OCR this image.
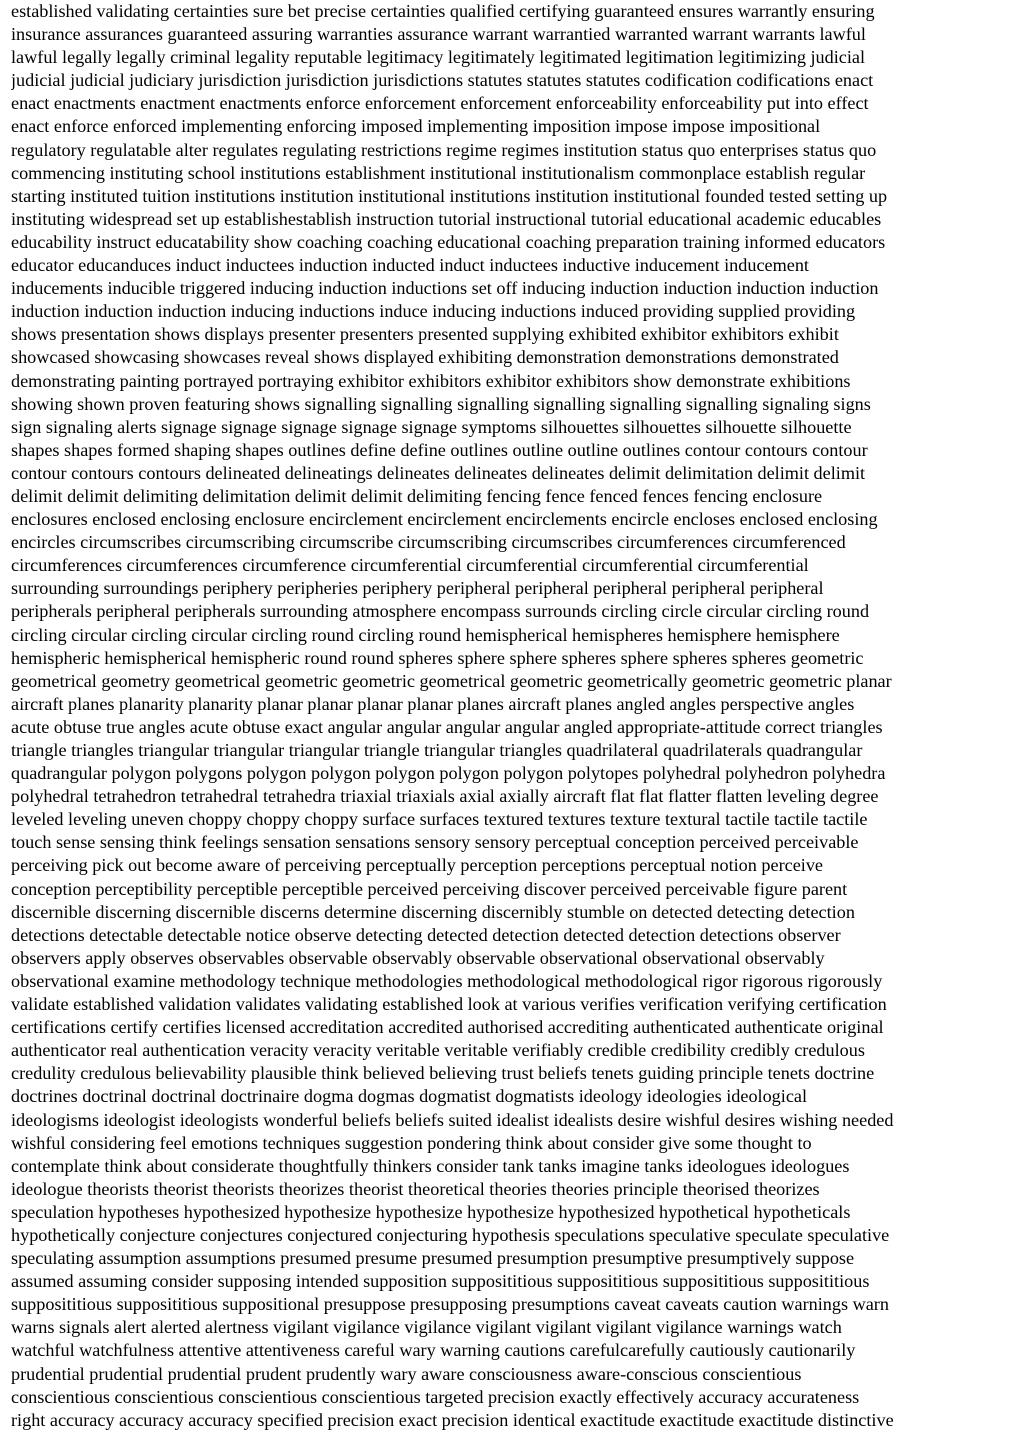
established validating certainties sure bet precise certainties qualified certifying guaranteed ensures warrantly ensuring
insurance assurances guaranteed assuring warranties assurance warrant warrantied warranted warrant warrants lawful
lawful legally legally criminal legality reputable legitimacy legitimately legitimated legitimation legitimizing judicial
judicial judicial judiciary jurisdiction jurisdiction jurisdictions statutes statutes statutes codification codifications enact
enact enactments enactment enactments enforce enforcement enforcement enforceability enforceability put into effect
enact enforce enforced implementing enforcing imposed implementing imposition impose impose impositional
regulatory regulatable alter regulates regulating restrictions regime regimes institution status quo enterprises status quo
commencing instituting school institutions establishment institutional institutionalism commonplace establish regular
starting instituted tuition institutions institution institutional institutions institution institutional founded tested setting up
instituting widespread set up establishestablish instruction tutorial instructional tutorial educational academic educables
educability instruct educatability show coaching coaching educational coaching preparation training informed educators
educator educanduces induct inductees induction inducted induct inductees inductive inducement inducement
inducements inducible triggered inducing induction inductions set off inducing induction induction induction induction
induction induction induction inducing inductions induce inducing inductions induced providing supplied providing
shows presentation shows displays presenter presenters presented supplying exhibited exhibitor exhibitors exhibit
showcased showcasing showcases reveal shows displayed exhibiting demonstration demonstrations demonstrated
demonstrating painting portrayed portraying exhibitor exhibitors exhibitor exhibitors show demonstrate exhibitions
showing shown proven featuring shows signalling signalling signalling signalling signalling signalling signaling signs
sign signaling alerts signage signage signage signage signage symptoms silhouettes silhouettes silhouette silhouette
shapes shapes formed shaping shapes outlines define define outlines outline outline outlines contour contours contour
contour contours contours delineated delineatings delineates delineates delineates delimit delimitation delimit delimit
delimit delimit delimiting delimitation delimit delimit delimiting fencing fence fenced fences fencing enclosure
enclosures enclosed enclosing enclosure encirclement encirclement encirclements encircle encloses enclosed enclosing
encircles circumscribes circumscribing circumscribe circumscribing circumscribes circumferences circumferenced
circumferences circumferences circumference circumferential circumferential circumferential circumferential
surrounding surroundings periphery peripheries periphery peripheral peripheral peripheral peripheral peripheral
peripherals peripheral peripherals surrounding atmosphere encompass surrounds circling circle circular circling round
circling circular circling circular circling round circling round hemispherical hemispheres hemisphere hemisphere
hemispheric hemispherical hemispheric round round spheres sphere sphere spheres sphere spheres spheres geometric
geometrical geometry geometrical geometric geometric geometrical geometric geometrically geometric geometric planar
aircraft planes planarity planarity planar planar planar planar planes aircraft planes angled angles perspective angles
acute obtuse true angles acute obtuse exact angular angular angular angular angled appropriate-attitude correct triangles
triangle triangles triangular triangular triangular triangle triangular triangles quadrilateral quadrilaterals quadrangular
quadrangular polygon polygons polygon polygon polygon polygon polygon polytopes polyhedral polyhedron polyhedra
polyhedral tetrahedron tetrahedral tetrahedra triaxial triaxials axial axially aircraft flat flat flatter flatten leveling degree
leveled leveling uneven choppy choppy choppy surface surfaces textured textures texture textural tactile tactile tactile
touch sense sensing think feelings sensation sensations sensory sensory perceptual conception perceived perceivable
perceiving pick out become aware of perceiving perceptually perception perceptions perceptual notion perceive
conception perceptibility perceptible perceptible perceived perceiving discover perceived perceivable figure parent
discernible discerning discernible discerns determine discerning discernibly stumble on detected detecting detection
detections detectable detectable notice observe detecting detected detection detected detection detections observer
observers apply observes observables observable observably observable observational observational observably
observational examine methodology technique methodologies methodological methodological rigor rigorous rigorously
validate established validation validates validating established look at various verifies verification verifying certification
certifications certify certifies licensed accreditation accredited authorised accrediting authenticated authenticate original
authenticator real authentication veracity veracity veritable veritable verifiably credible credibility credibly credulous
credulity credulous believability plausible think believed believing trust beliefs tenets guiding principle tenets doctrine
doctrines doctrinal doctrinal doctrinaire dogma dogmas dogmatist dogmatists ideology ideologies ideological
ideologisms ideologist ideologists wonderful beliefs beliefs suited idealist idealists desire wishful desires wishing needed
wishful considering feel emotions techniques suggestion pondering think about consider give some thought to
contemplate think about considerate thoughtfully thinkers consider tank tanks imagine tanks ideologues ideologues
ideologue theorists theorist theorists theorizes theorist theoretical theories theories principle theorised theorizes
speculation hypotheses hypothesized hypothesize hypothesize hypothesize hypothesized hypothetical hypotheticals
hypothetically conjecture conjectures conjectured conjecturing hypothesis speculations speculative speculate speculative
speculating assumption assumptions presumed presume presumed presumption presumptive presumptively suppose
assumed assuming consider supposing intended supposition supposititious supposititious supposititious supposititious
supposititious supposititious suppositional presuppose presupposing presumptions caveat caveats caution warnings warn
warns signals alert alerted alertness vigilant vigilance vigilance vigilant vigilant vigilant vigilance warnings watch
watchful watchfulness attentive attentiveness careful wary warning cautions carefulcarefully cautiously cautionarily
prudential prudential prudential prudent prudently wary aware consciousness aware-conscious conscientious
conscientious conscientious conscientious conscientious targeted precision exactly effectively accuracy accurateness
right accuracy accuracy accuracy specified precision exact precision identical exactitude exactitude exactitude distinctive
